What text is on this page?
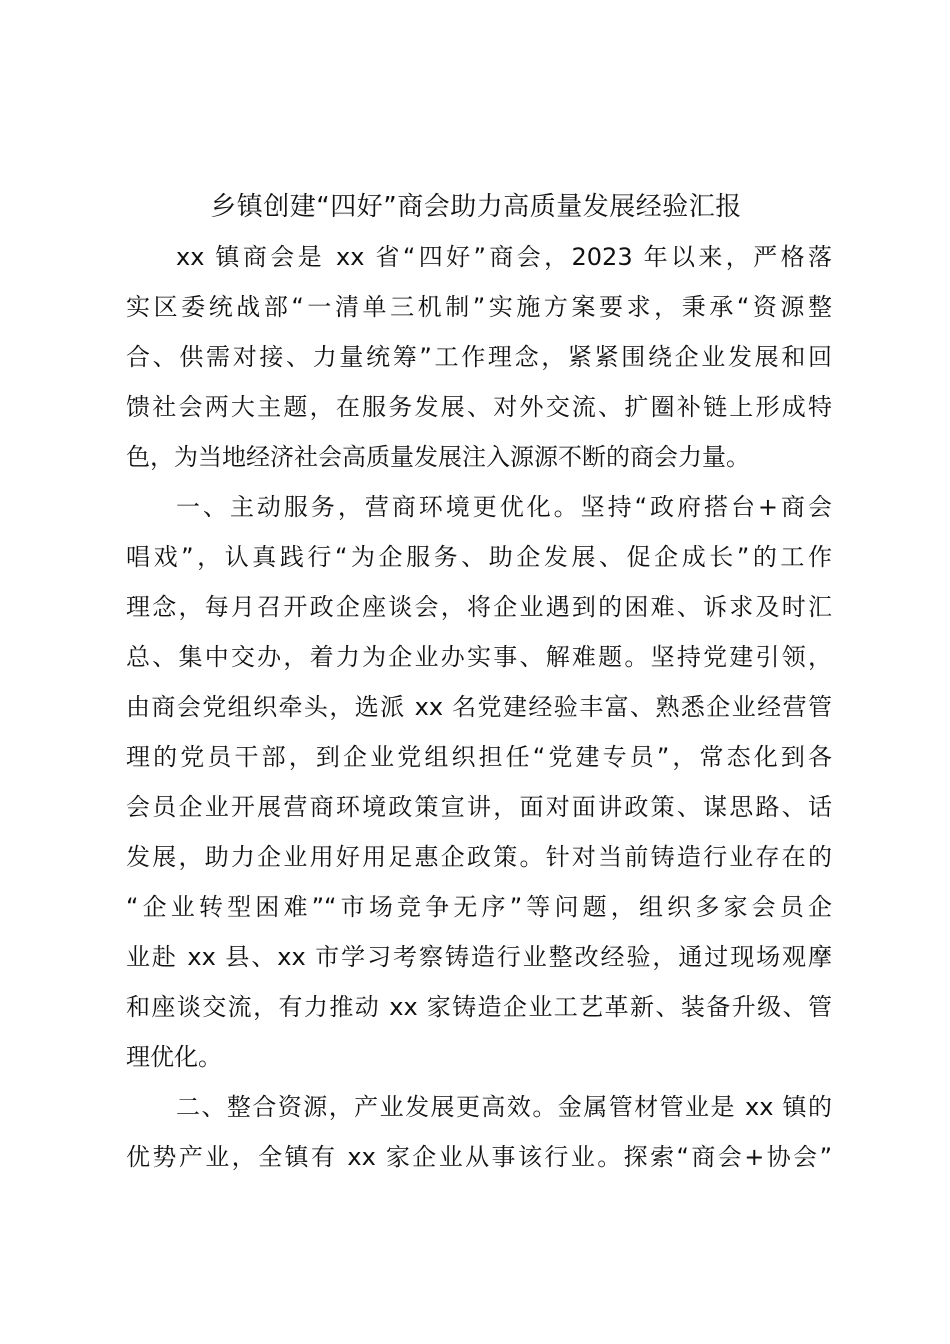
乡镇创建“四好”商会助力高质量发展经验汇报
xx 镇商会是 xx 省“四好”商会，2023 年以来，严格落
实区委统战部“一清单三机制”实施方案要求，秉承“资源整
合、供需对接、力量统筹”工作理念，紧紧围绕企业发展和回
馈社会两大主题，在服务发展、对外交流、扩圈补链上形成特
色，为当地经济社会高质量发展注入源源不断的商会力量。
一、主动服务，营商环境更优化。坚持“政府搭台+商会
唱戏”，认真践行“为企服务、助企发展、促企成长”的工作
理念，每月召开政企座谈会，将企业遇到的困难、诉求及时汇
总、集中交办，着力为企业办实事、解难题。坚持党建引领，
由商会党组织牵头，选派 xx 名党建经验丰富、熟悉企业经营管
理的党员干部，到企业党组织担任“党建专员”，常态化到各
会员企业开展营商环境政策宣讲，面对面讲政策、谋思路、话
发展，助力企业用好用足惠企政策。针对当前铸造行业存在的
“企业转型困难”“市场竞争无序”等问题，组织多家会员企
业赴 xx 县、xx 市学习考察铸造行业整改经验，通过现场观摩
和座谈交流，有力推动 xx 家铸造企业工艺革新、装备升级、管
理优化。
二、整合资源，产业发展更高效。金属管材管业是 xx 镇的
优势产业，全镇有 xx 家企业从事该行业。探索“商会+协会”
